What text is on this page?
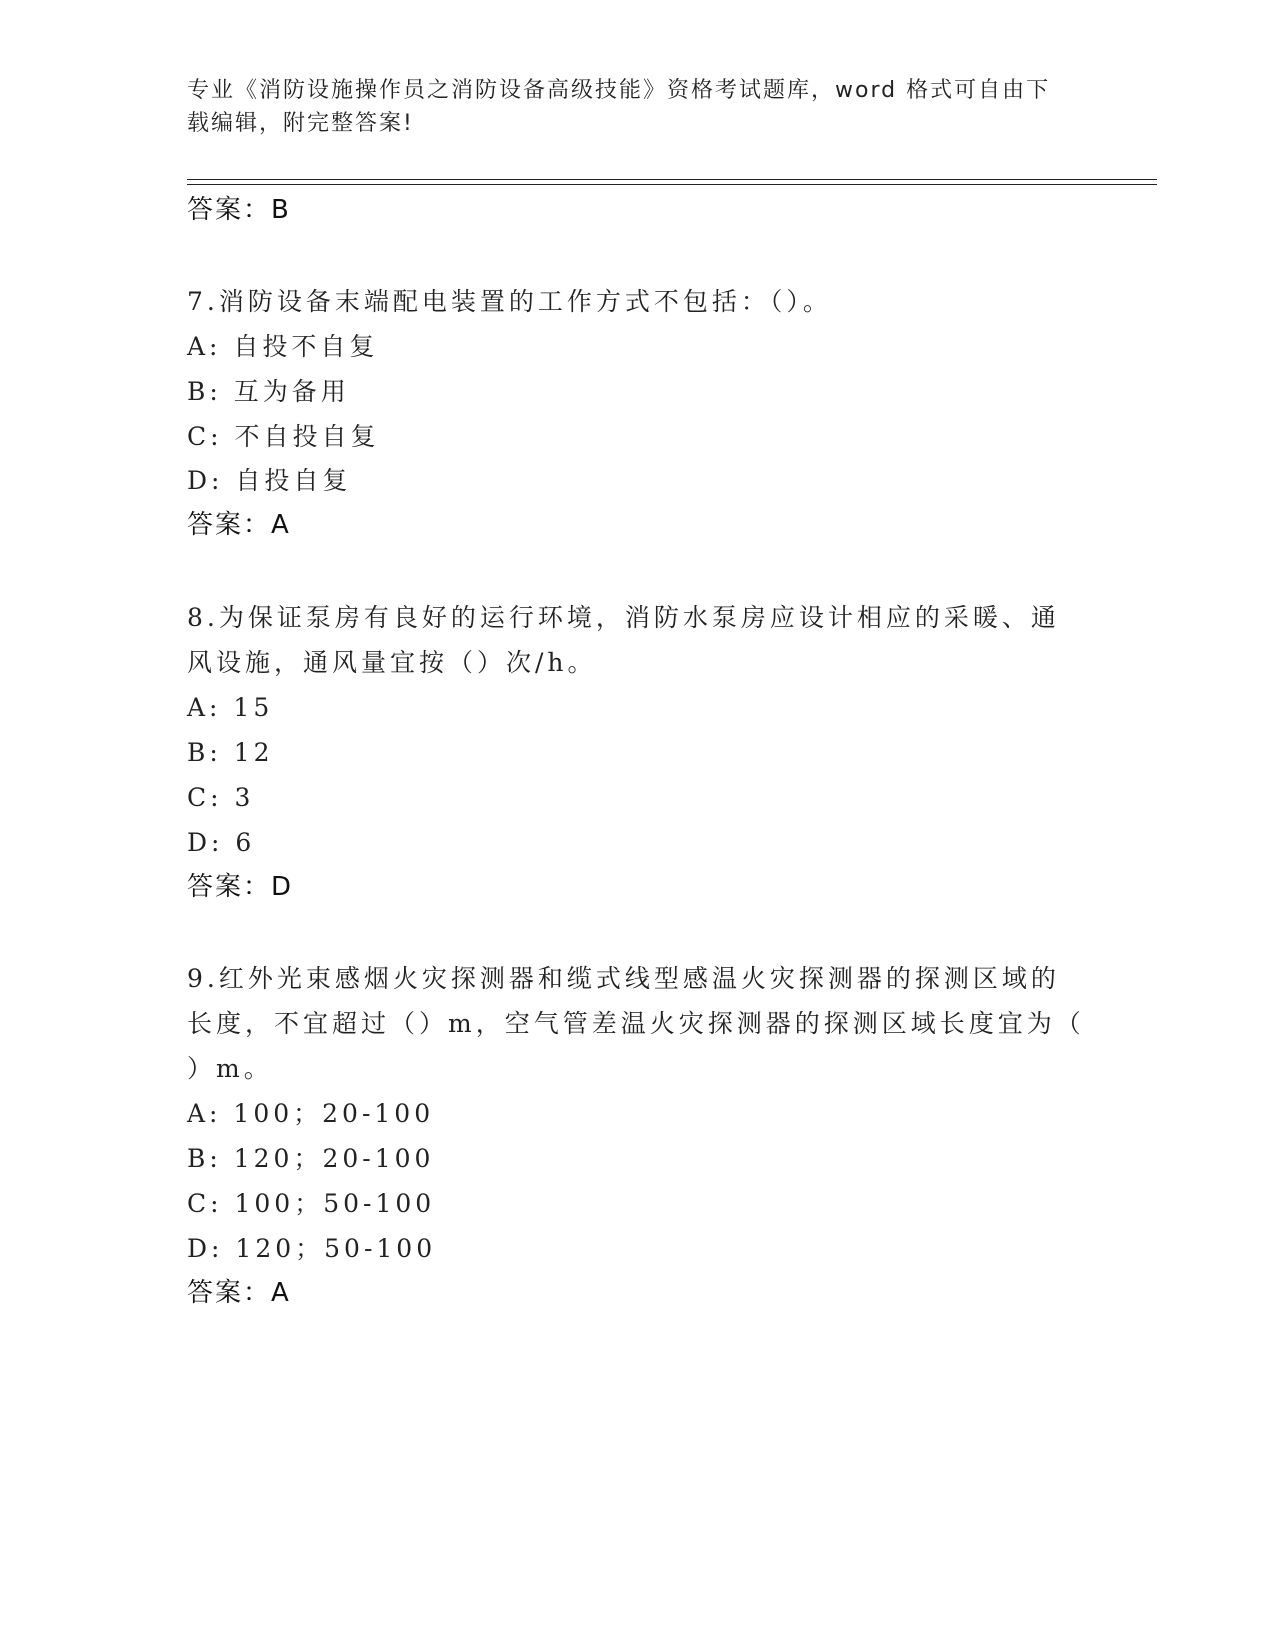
专业《消防设施操作员之消防设备高级技能》资格考试题库，word 格式可自由下
载编辑，附完整答案!
答案：B
7.消防设备末端配电装置的工作方式不包括：（）。
A: 自投不自复
B: 互为备用
C: 不自投自复
D: 自投自复
答案：A
8.为保证泵房有良好的运行环境，消防水泵房应设计相应的采暖、通
风设施，通风量宜按（）次/h。
A: 15
B: 12
C: 3
D: 6
答案：D
9.红外光束感烟火灾探测器和缆式线型感温火灾探测器的探测区域的
长度，不宜超过（）m，空气管差温火灾探测器的探测区域长度宜为（
）m。
A: 100；20-100
B: 120；20-100
C: 100；50-100
D: 120；50-100
答案：A
